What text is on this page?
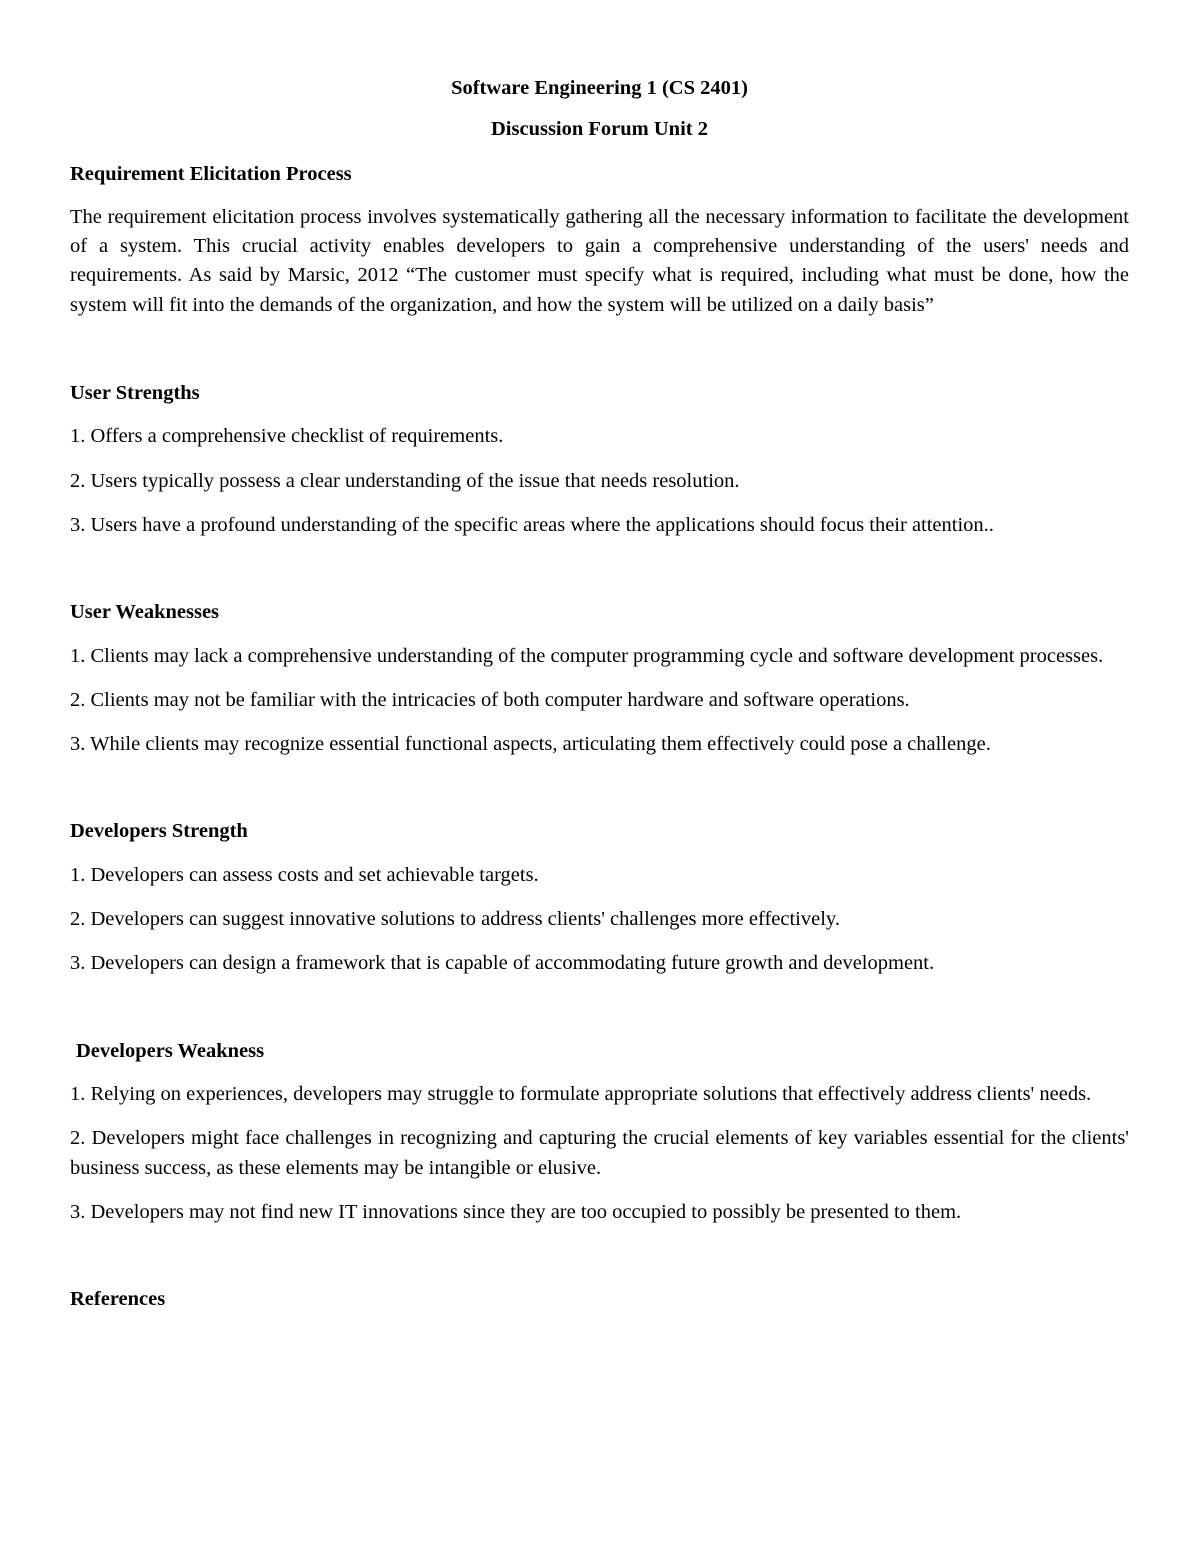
Software Engineering 1 (CS 2401)

Discussion Forum Unit 2

Requirement Elicitation Process

The requirement elicitation process involves systematically gathering all the necessary information to facilitate the development of a system. This crucial activity enables developers to gain a comprehensive understanding of the users' needs and requirements. As said by Marsic, 2012 “The customer must specify what is required, including what must be done, how the system will fit into the demands of the organization, and how the system will be utilized on a daily basis”

User Strengths

1. Offers a comprehensive checklist of requirements.

2. Users typically possess a clear understanding of the issue that needs resolution.

3. Users have a profound understanding of the specific areas where the applications should focus their attention..

User Weaknesses

1. Clients may lack a comprehensive understanding of the computer programming cycle and software development processes.

2. Clients may not be familiar with the intricacies of both computer hardware and software operations.

3. While clients may recognize essential functional aspects, articulating them effectively could pose a challenge.

Developers Strength

1. Developers can assess costs and set achievable targets.

2. Developers can suggest innovative solutions to address clients' challenges more effectively.

3. Developers can design a framework that is capable of accommodating future growth and development.

Developers Weakness

1. Relying on experiences, developers may struggle to formulate appropriate solutions that effectively address clients' needs.

2. Developers might face challenges in recognizing and capturing the crucial elements of key variables essential for the clients' business success, as these elements may be intangible or elusive.

3. Developers may not find new IT innovations since they are too occupied to possibly be presented to them.

References
